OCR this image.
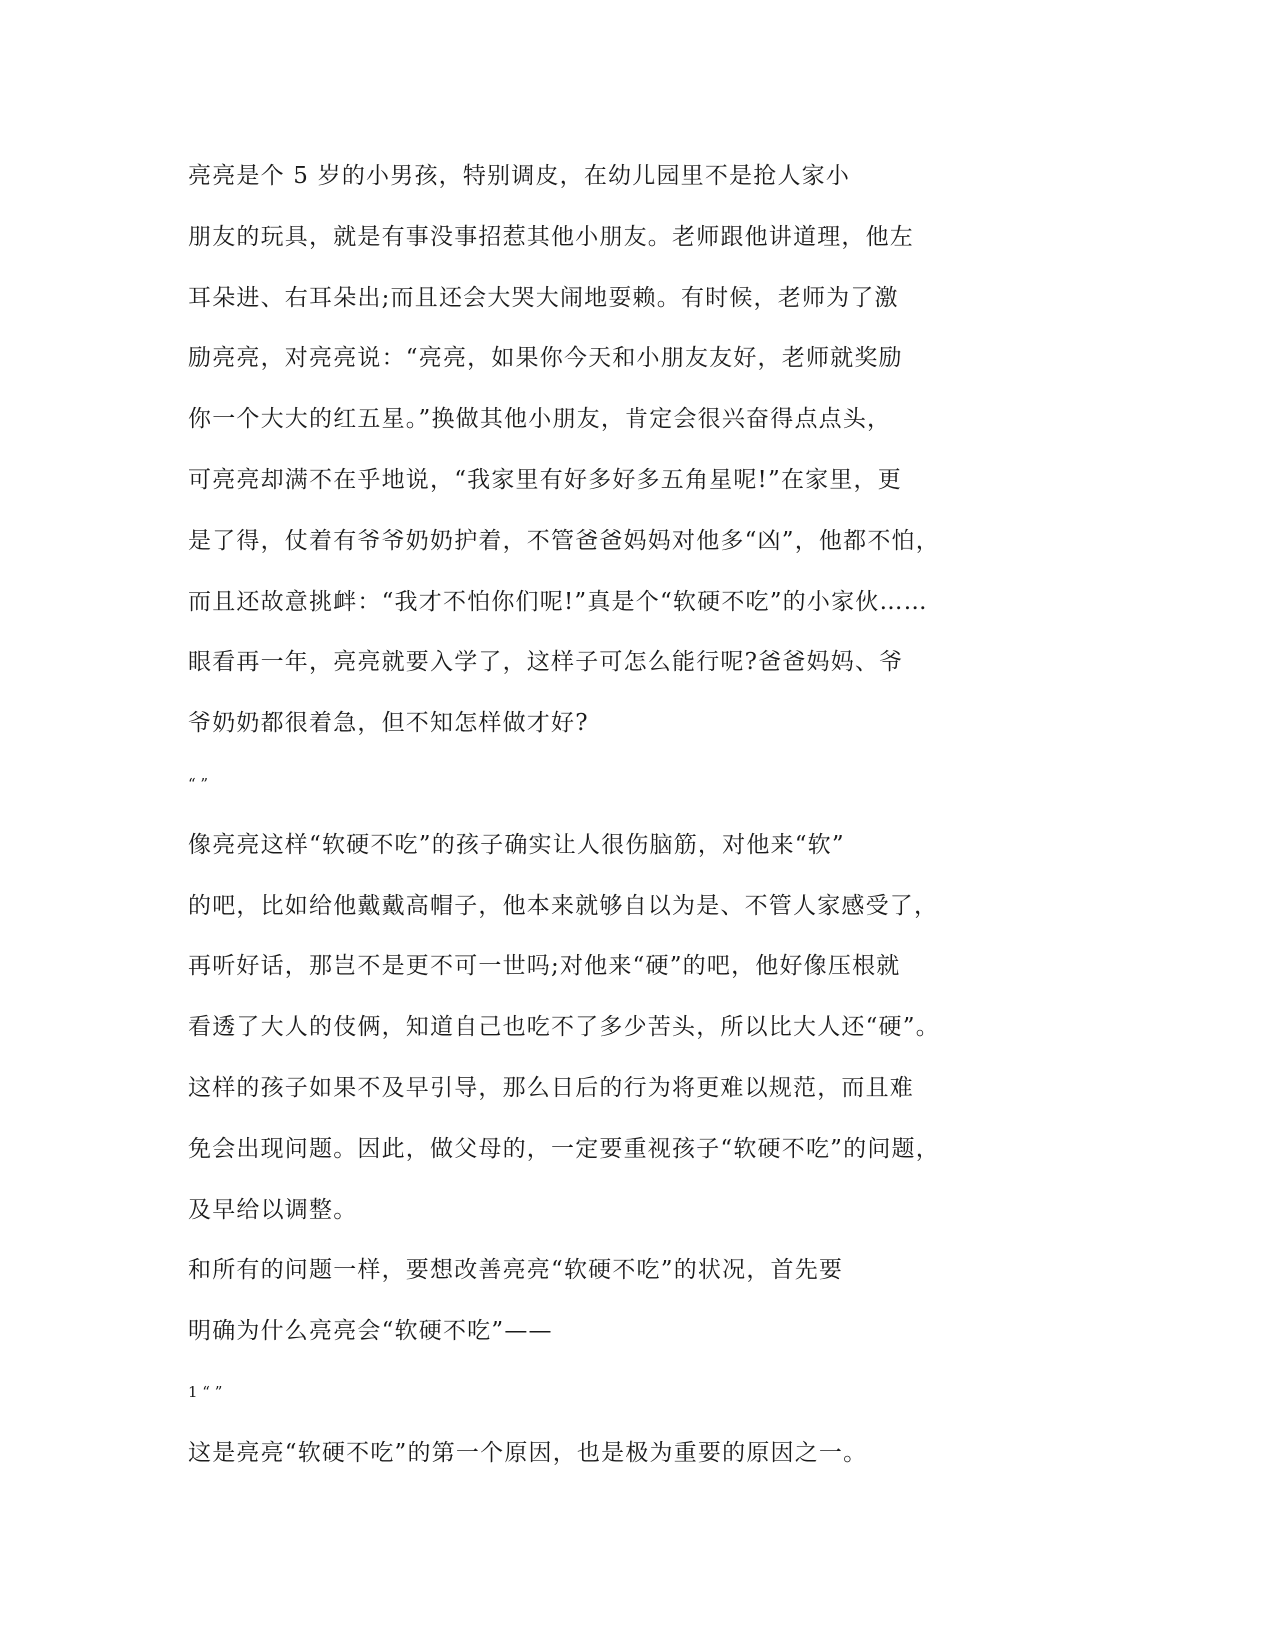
亮亮是个 5 岁的小男孩，特别调皮，在幼儿园里不是抢人家小
朋友的玩具，就是有事没事招惹其他小朋友。老师跟他讲道理，他左
耳朵进、右耳朵出;而且还会大哭大闹地耍赖。有时候，老师为了激
励亮亮，对亮亮说：“亮亮，如果你今天和小朋友友好，老师就奖励
你一个大大的红五星。”换做其他小朋友，肯定会很兴奋得点点头，
可亮亮却满不在乎地说，“我家里有好多好多五角星呢!”在家里，更
是了得，仗着有爷爷奶奶护着，不管爸爸妈妈对他多“凶”，他都不怕，
而且还故意挑衅：“我才不怕你们呢!”真是个“软硬不吃”的小家伙……
眼看再一年，亮亮就要入学了，这样子可怎么能行呢?爸爸妈妈、爷
爷奶奶都很着急，但不知怎样做才好?
“ ”
像亮亮这样“软硬不吃”的孩子确实让人很伤脑筋，对他来“软”
的吧，比如给他戴戴高帽子，他本来就够自以为是、不管人家感受了，
再听好话，那岂不是更不可一世吗;对他来“硬”的吧，他好像压根就
看透了大人的伎俩，知道自己也吃不了多少苦头，所以比大人还“硬”。
这样的孩子如果不及早引导，那么日后的行为将更难以规范，而且难
免会出现问题。因此，做父母的，一定要重视孩子“软硬不吃”的问题，
及早给以调整。
和所有的问题一样，要想改善亮亮“软硬不吃”的状况，首先要
明确为什么亮亮会“软硬不吃”——
1 “ ”
这是亮亮“软硬不吃”的第一个原因，也是极为重要的原因之一。
